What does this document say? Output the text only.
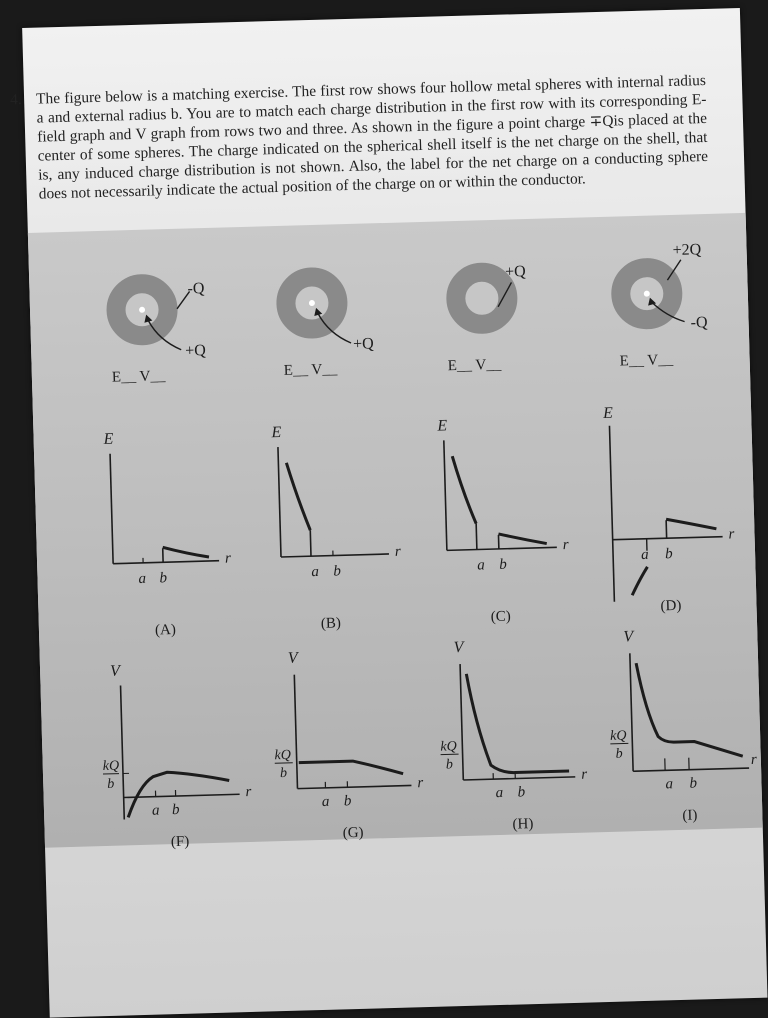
4. The figure below is a matching exercise. The first row shows four hollow metal spheres with internal radius a and external radius b. You are to match each charge distribution in the first row with its corresponding E-field graph and V graph from rows two and three. As shown in the figure a point charge ∓Qis placed at the center of some spheres. The charge indicated on the spherical shell itself is the net charge on the shell, that is, any induced charge distribution is not shown. Also, the label for the net charge on a conducting sphere does not necessarily indicate the actual position of the charge on or within the conductor.
-Q
+Q
E__ V__
+Q
E__ V__
+Q
E__ V__
+2Q
-Q
E__ V__
E
r
a b
(A)
E
r
a b
(B)
E
r
a b
(C)
E
r
a b
(D)
V
kQ
b	r
a b
(F)
V
kQ
b
r
a b
(G)
V
kQ
b
r
a b
(H)
V
kQ
b	r
a b
(I)
